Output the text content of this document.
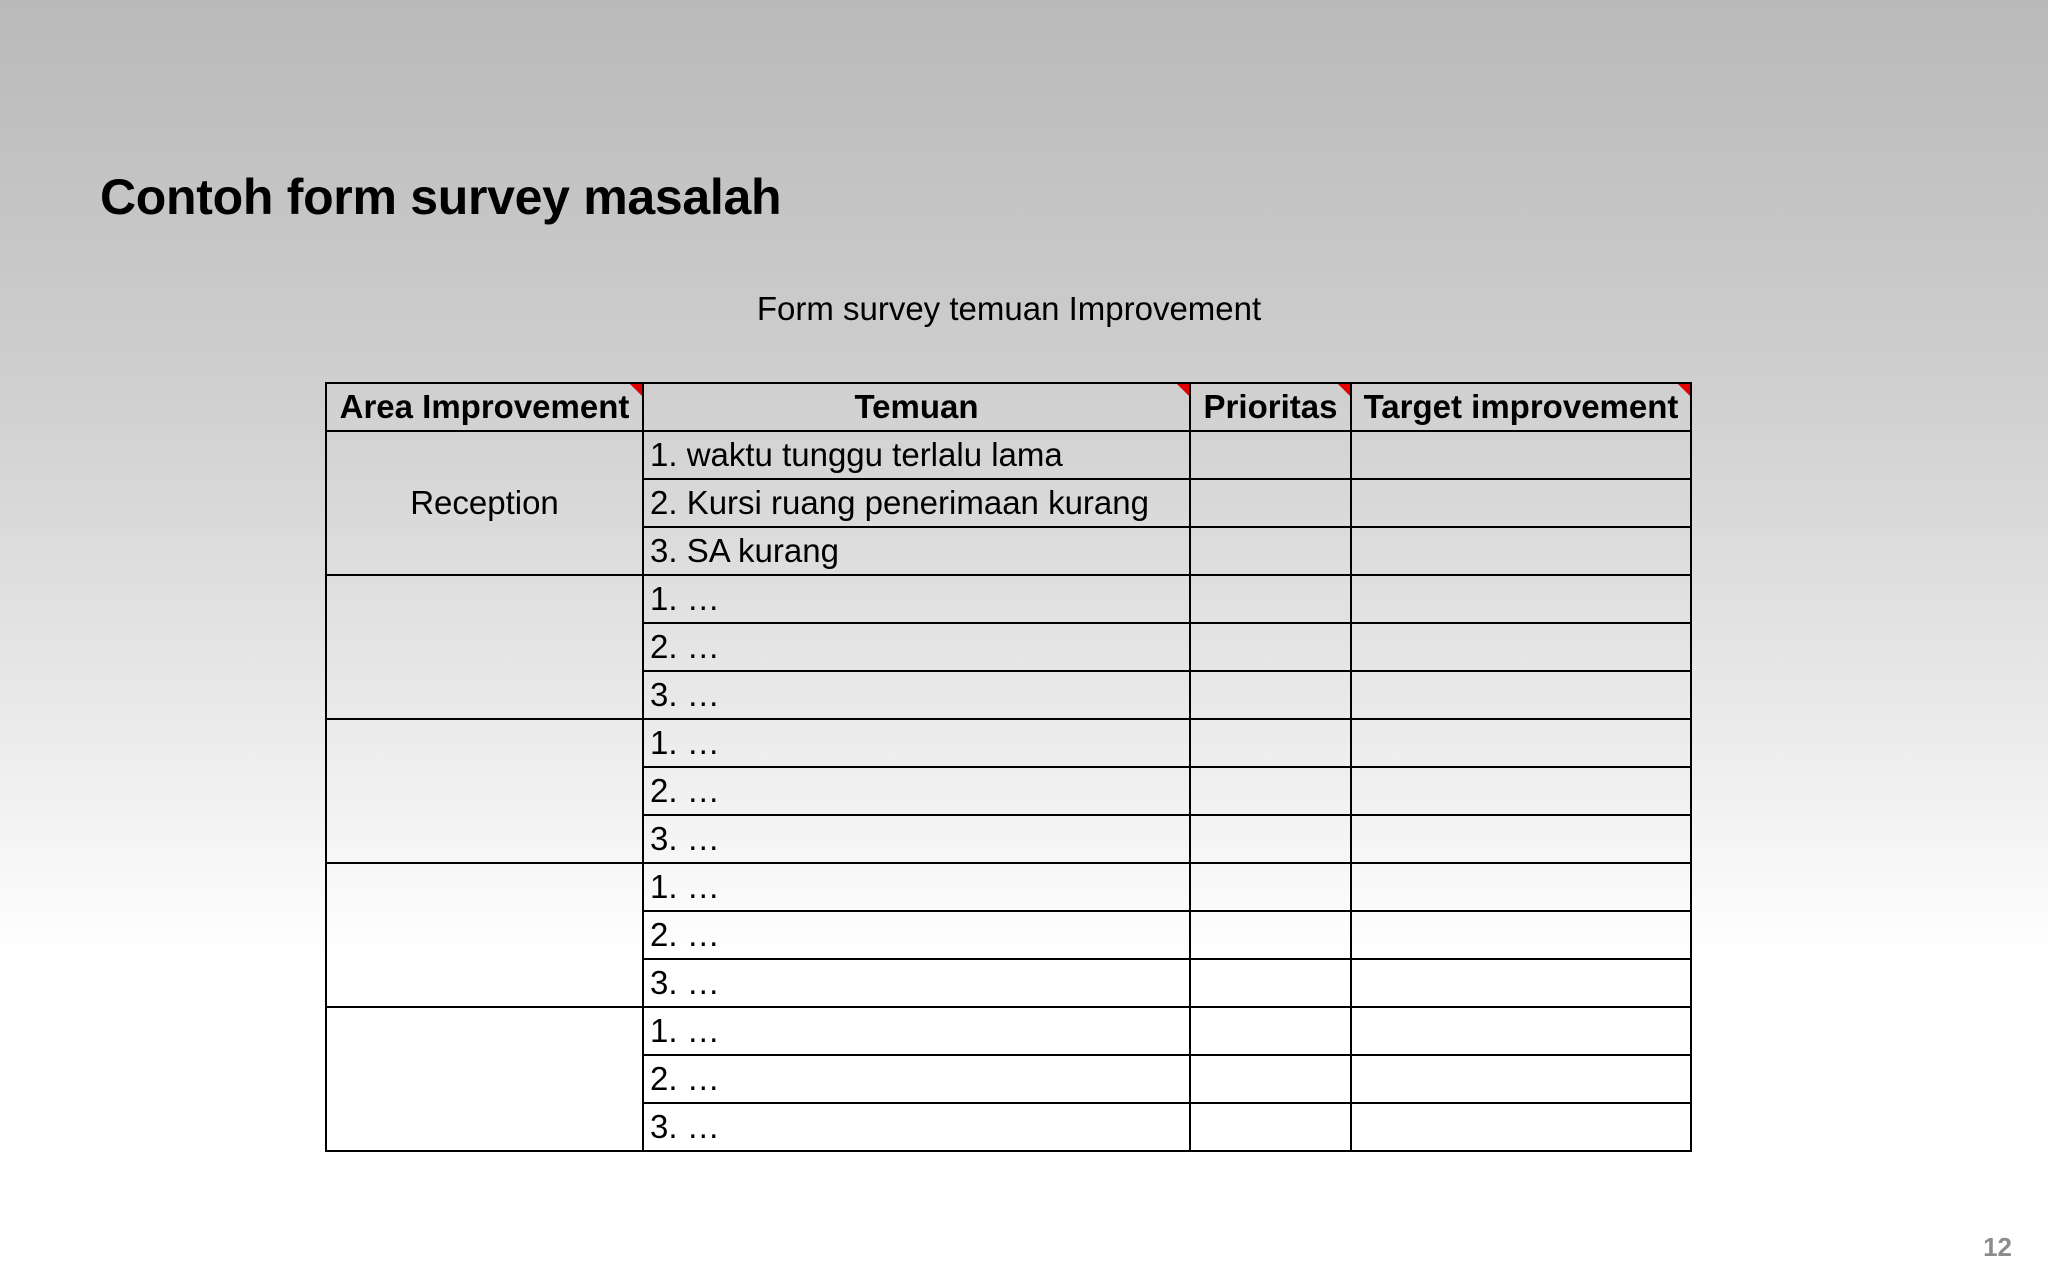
Contoh form survey masalah
Form survey temuan Improvement
Area Improvement	Temuan	Prioritas	Target improvement

Reception	1. waktu tunggu terlalu lama		
	2. Kursi ruang penerimaan kurang		
	3. SA kurang		
	1. …		
	2. …		
	3. …		
	1. …		
	2. …		
	3. …		
	1. …		
	2. …		
	3. …		
	1. …		
	2. …		
	3. …		
12
